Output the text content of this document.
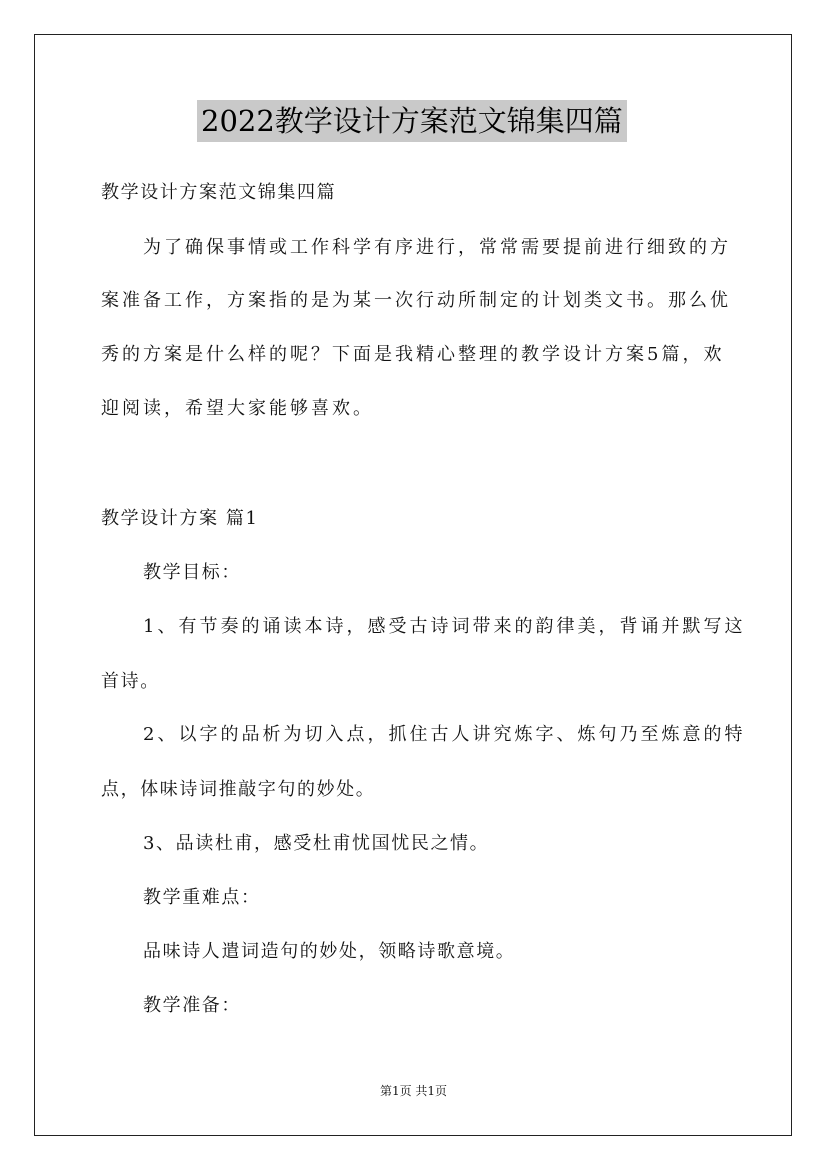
2022教学设计方案范文锦集四篇
教学设计方案范文锦集四篇
为了确保事情或工作科学有序进行，常常需要提前进行细致的方
案准备工作，方案指的是为某一次行动所制定的计划类文书。那么优
秀的方案是什么样的呢？下面是我精心整理的教学设计方案5篇，欢
迎阅读，希望大家能够喜欢。
教学设计方案 篇1
教学目标：
1、有节奏的诵读本诗，感受古诗词带来的韵律美，背诵并默写这
首诗。
2、以字的品析为切入点，抓住古人讲究炼字、炼句乃至炼意的特
点，体味诗词推敲字句的妙处。
3、品读杜甫，感受杜甫忧国忧民之情。
教学重难点：
品味诗人遣词造句的妙处，领略诗歌意境。
教学准备：
第1页 共1页
